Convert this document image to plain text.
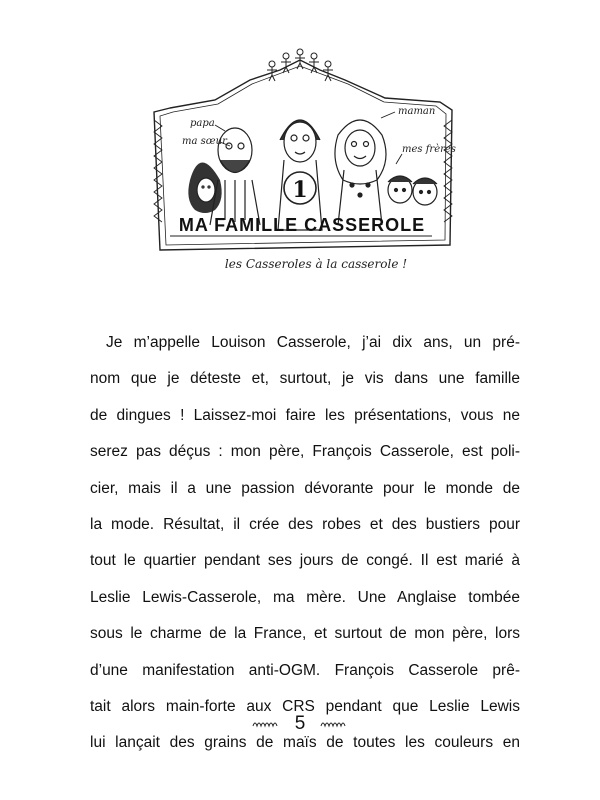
papa
ma sœur
maman
mes frères
1
MA FAMILLE CASSEROLE
les Casseroles à la casserole !
Je m’appelle Louison Casserole, j’ai dix ans, un pré-
nom que je déteste et, surtout, je vis dans une famille
de dingues ! Laissez-moi faire les présentations, vous ne
serez pas déçus : mon père, François Casserole, est poli-
cier, mais il a une passion dévorante pour le monde de
la mode. Résultat, il crée des robes et des bustiers pour
tout le quartier pendant ses jours de congé. Il est marié à
Leslie Lewis-Casserole, ma mère. Une Anglaise tombée
sous le charme de la France, et surtout de mon père, lors
d’une manifestation anti-OGM. François Casserole prê-
tait alors main-forte aux CRS pendant que Leslie Lewis
lui lançait des grains de maïs de toutes les couleurs en
5
